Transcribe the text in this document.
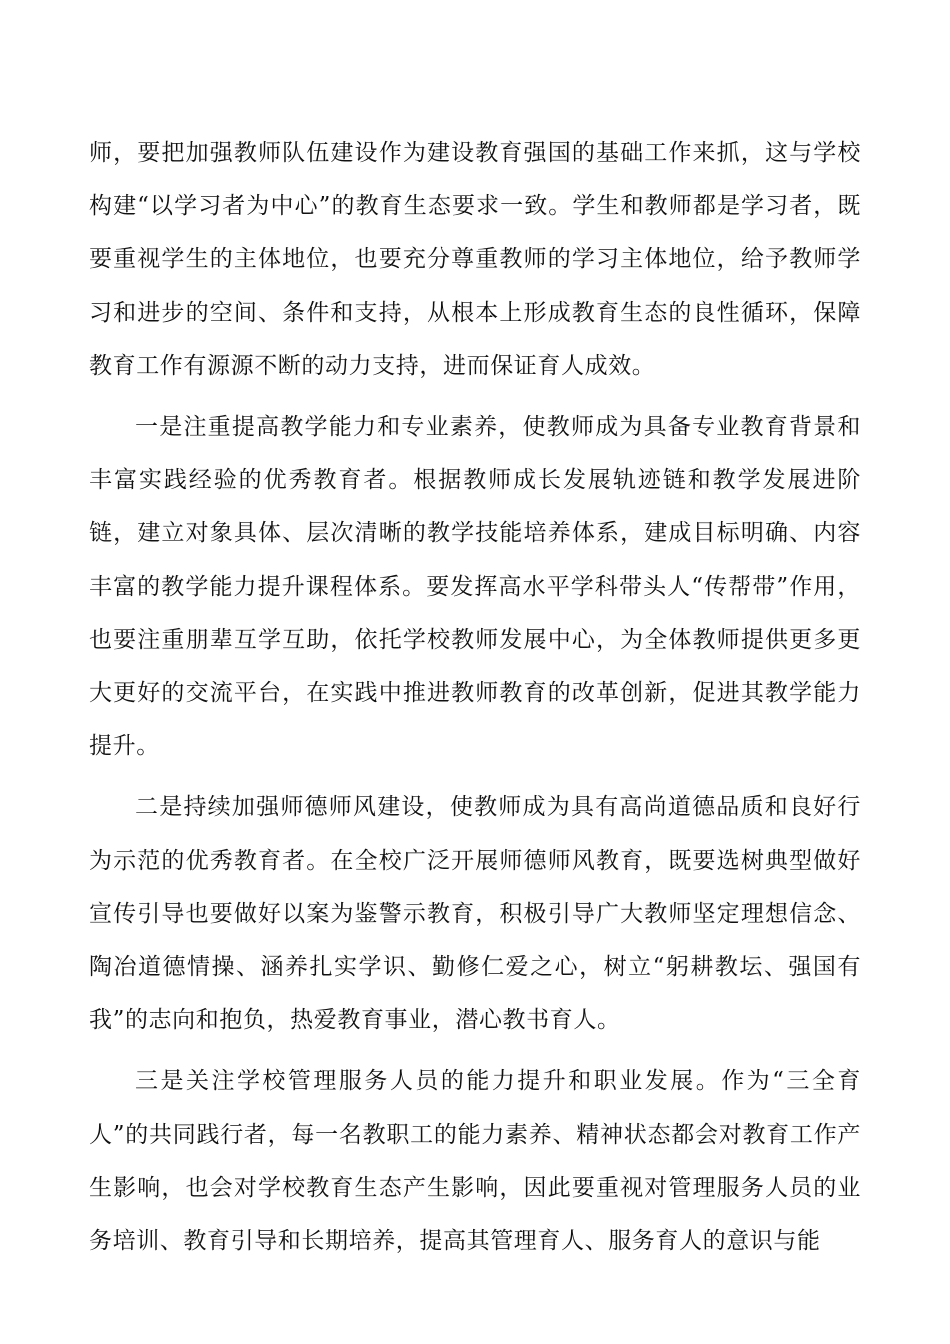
师，要把加强教师队伍建设作为建设教育强国的基础工作来抓，这与学校构建“以学习者为中心”的教育生态要求一致。学生和教师都是学习者，既要重视学生的主体地位，也要充分尊重教师的学习主体地位，给予教师学习和进步的空间、条件和支持，从根本上形成教育生态的良性循环，保障教育工作有源源不断的动力支持，进而保证育人成效。

一是注重提高教学能力和专业素养，使教师成为具备专业教育背景和丰富实践经验的优秀教育者。根据教师成长发展轨迹链和教学发展进阶链，建立对象具体、层次清晰的教学技能培养体系，建成目标明确、内容丰富的教学能力提升课程体系。要发挥高水平学科带头人“传帮带”作用，也要注重朋辈互学互助，依托学校教师发展中心，为全体教师提供更多更大更好的交流平台，在实践中推进教师教育的改革创新，促进其教学能力提升。

二是持续加强师德师风建设，使教师成为具有高尚道德品质和良好行为示范的优秀教育者。在全校广泛开展师德师风教育，既要选树典型做好宣传引导也要做好以案为鉴警示教育，积极引导广大教师坚定理想信念、陶冶道德情操、涵养扎实学识、勤修仁爱之心，树立“躬耕教坛、强国有我”的志向和抱负，热爱教育事业，潜心教书育人。

三是关注学校管理服务人员的能力提升和职业发展。作为“三全育人”的共同践行者，每一名教职工的能力素养、精神状态都会对教育工作产生影响，也会对学校教育生态产生影响，因此要重视对管理服务人员的业务培训、教育引导和长期培养，提高其管理育人、服务育人的意识与能
